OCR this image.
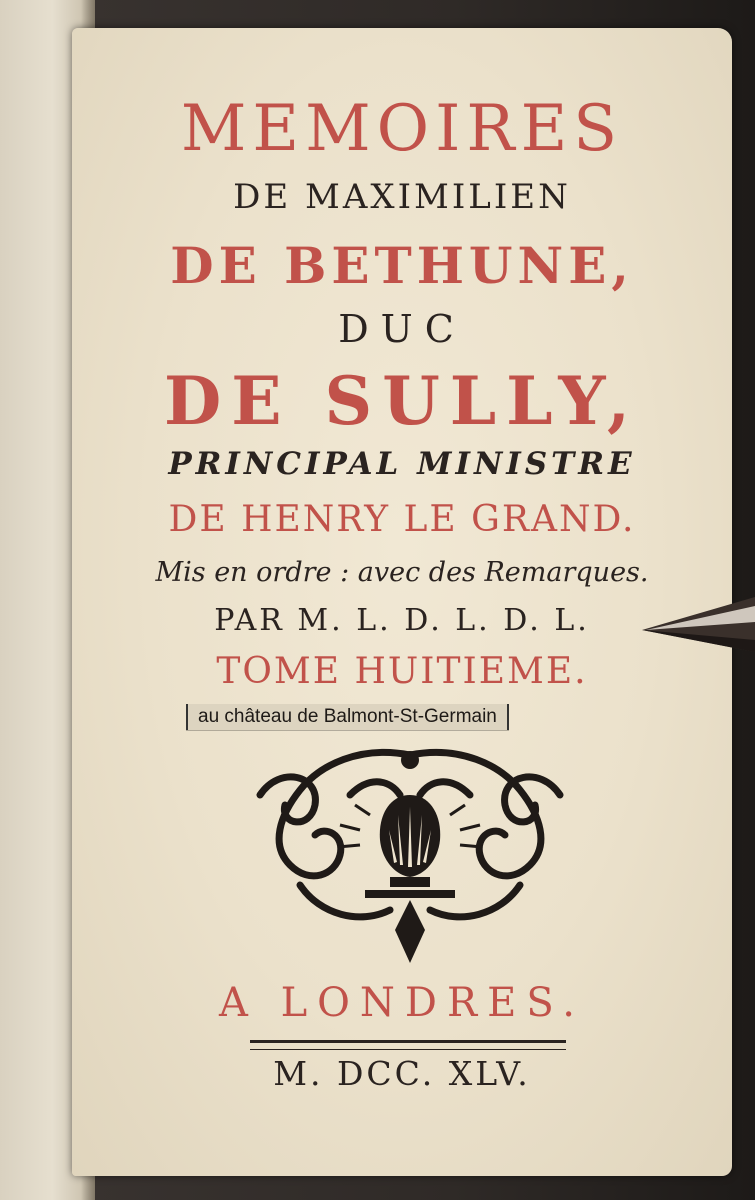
MEMOIRES
DE MAXIMILIEN
DE BETHUNE,
DUC
DE SULLY,
PRINCIPAL MINISTRE
DE HENRY LE GRAND.
Mis en ordre : avec des Remarques.
PAR M. L. D. L. D. L.
TOME HUITIEME.
au château de Balmont-St-Germain
A LONDRES.
M. DCC. XLV.
